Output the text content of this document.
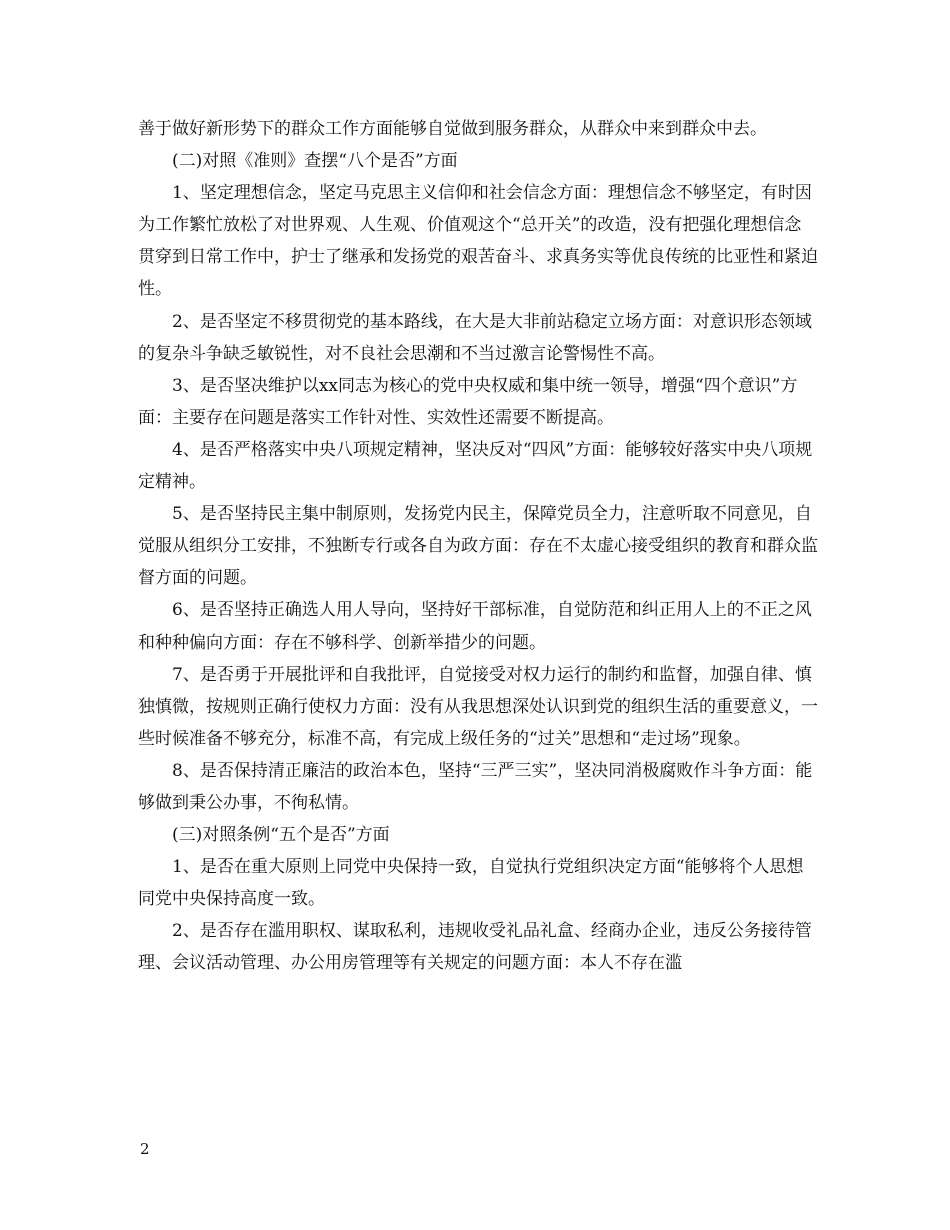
善于做好新形势下的群众工作方面能够自觉做到服务群众，从群众中来到群众中去。

(二)对照《准则》查摆“八个是否”方面

1、坚定理想信念，坚定马克思主义信仰和社会信念方面：理想信念不够坚定，有时因为工作繁忙放松了对世界观、人生观、价值观这个“总开关”的改造，没有把强化理想信念贯穿到日常工作中，护士了继承和发扬党的艰苦奋斗、求真务实等优良传统的比亚性和紧迫性。

2、是否坚定不移贯彻党的基本路线，在大是大非前站稳定立场方面：对意识形态领域的复杂斗争缺乏敏锐性，对不良社会思潮和不当过激言论警惕性不高。

3、是否坚决维护以xx同志为核心的党中央权威和集中统一领导，增强“四个意识”方面：主要存在问题是落实工作针对性、实效性还需要不断提高。

4、是否严格落实中央八项规定精神，坚决反对“四风”方面：能够较好落实中央八项规定精神。

5、是否坚持民主集中制原则，发扬党内民主，保障党员全力，注意听取不同意见，自觉服从组织分工安排，不独断专行或各自为政方面：存在不太虚心接受组织的教育和群众监督方面的问题。

6、是否坚持正确选人用人导向，坚持好干部标准，自觉防范和纠正用人上的不正之风和种种偏向方面：存在不够科学、创新举措少的问题。

7、是否勇于开展批评和自我批评，自觉接受对权力运行的制约和监督，加强自律、慎独慎微，按规则正确行使权力方面：没有从我思想深处认识到党的组织生活的重要意义，一些时候准备不够充分，标准不高，有完成上级任务的“过关”思想和“走过场”现象。

8、是否保持清正廉洁的政治本色，坚持“三严三实”，坚决同消极腐败作斗争方面：能够做到秉公办事，不徇私情。

(三)对照条例“五个是否”方面

1、是否在重大原则上同党中央保持一致，自觉执行党组织决定方面“能够将个人思想同党中央保持高度一致。

2、是否存在滥用职权、谋取私利，违规收受礼品礼盒、经商办企业，违反公务接待管理、会议活动管理、办公用房管理等有关规定的问题方面：本人不存在滥

2
